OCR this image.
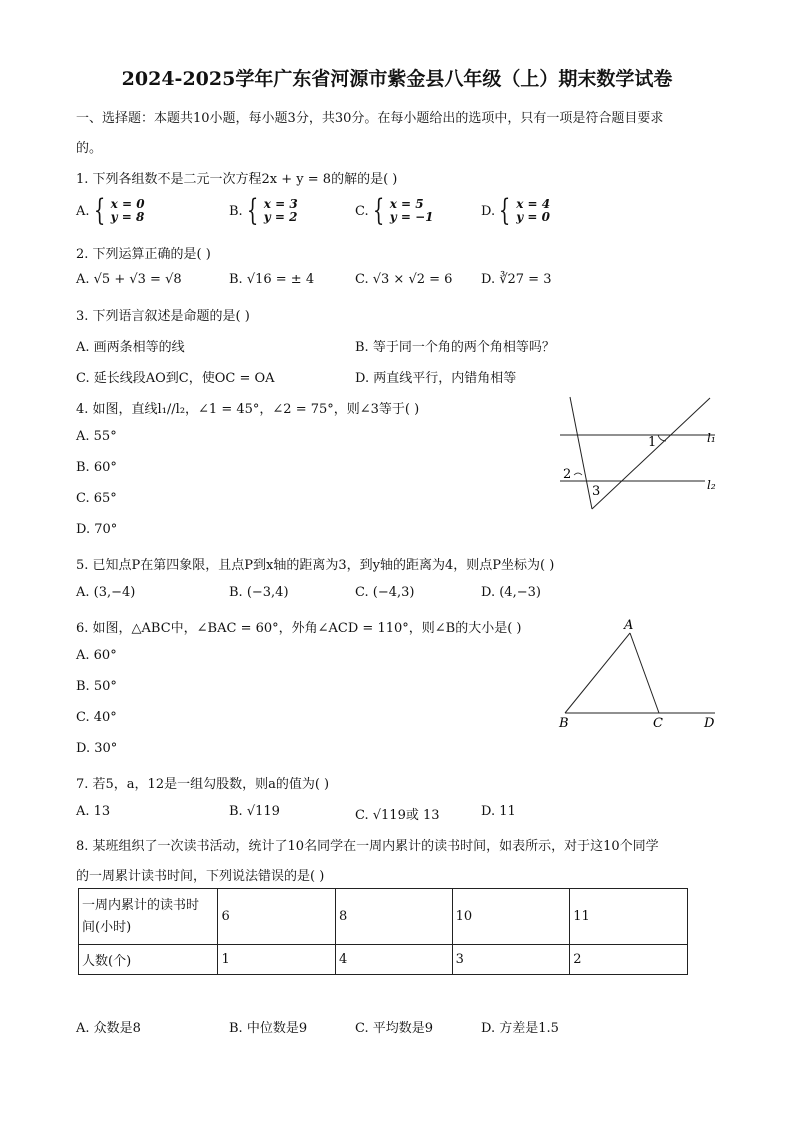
2024-2025学年广东省河源市紫金县八年级（上）期末数学试卷
一、选择题：本题共10小题，每小题3分，共30分。在每小题给出的选项中，只有一项是符合题目要求
的。
1. 下列各组数不是二元一次方程2x + y = 8的解的是( )
A. { x = 0
y = 8	B. { x = 3
y = 2	C. { x = 5
y = −1	D. { x = 4
y = 0
2. 下列运算正确的是( )
A. √5 + √3 = √8	B. √16 = ± 4	C. √3 × √2 = 6 D. ∛27 = 3
3. 下列语言叙述是命题的是( )
A. 画两条相等的线	B. 等于同一个角的两个角相等吗？
C. 延长线段AO到C，使OC = OA	D. 两直线平行，内错角相等
4. 如图，直线l₁//l₂，∠1 = 45°，∠2 = 75°，则∠3等于( )
A. 55°
B. 60°
C. 65°
D. 70°
1
2
3
l₁
l₂
5. 已知点P在第四象限，且点P到x轴的距离为3，到y轴的距离为4，则点P坐标为( )
A. (3,−4)	B. (−3,4)	C. (−4,3)	D. (4,−3)
6. 如图，△ABC中，∠BAC = 60°，外角∠ACD = 110°，则∠B的大小是( )
A. 60°
B. 50°
C. 40°
D. 30°
A
B	C	D
7. 若5，a，12是一组勾股数，则a的值为( )
A. 13	B. √119	C. √119或 13	D. 11
8. 某班组织了一次读书活动，统计了10名同学在一周内累计的读书时间，如表所示，对于这10个同学
的一周累计读书时间，下列说法错误的是( )
一周内累计的读书时
间(小时)	6	8	10	11
人数(个)	1	4	3	2
A. 众数是8	B. 中位数是9	C. 平均数是9	D. 方差是1.5
